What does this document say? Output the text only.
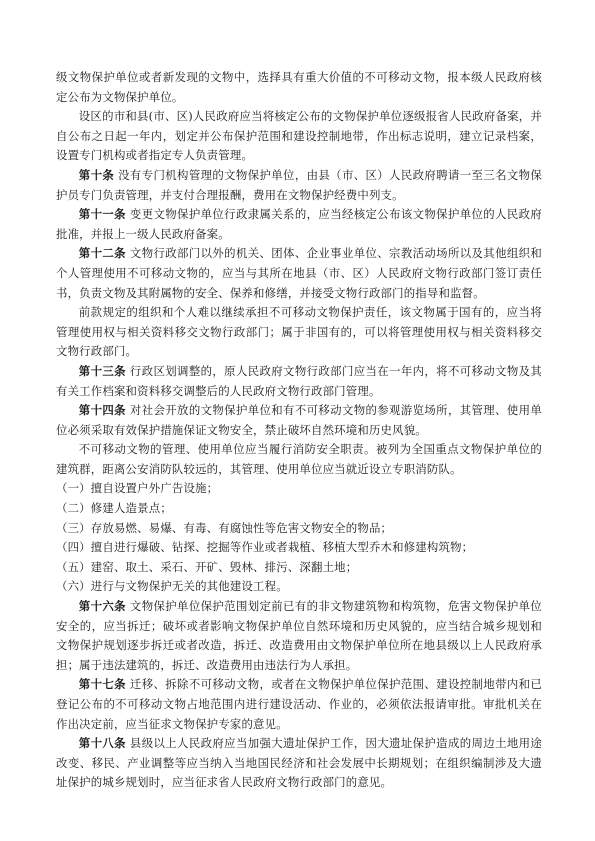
级文物保护单位或者新发现的文物中，选择具有重大价值的不可移动文物，报本级人民政府核定公布为文物保护单位。

设区的市和县(市、区)人民政府应当将核定公布的文物保护单位逐级报省人民政府备案，并自公布之日起一年内，划定并公布保护范围和建设控制地带，作出标志说明，建立记录档案，设置专门机构或者指定专人负责管理。

第十条 没有专门机构管理的文物保护单位，由县（市、区）人民政府聘请一至三名文物保护员专门负责管理，并支付合理报酬，费用在文物保护经费中列支。

第十一条 变更文物保护单位行政隶属关系的，应当经核定公布该文物保护单位的人民政府批准，并报上一级人民政府备案。

第十二条 文物行政部门以外的机关、团体、企业事业单位、宗教活动场所以及其他组织和个人管理使用不可移动文物的，应当与其所在地县（市、区）人民政府文物行政部门签订责任书，负责文物及其附属物的安全、保养和修缮，并接受文物行政部门的指导和监督。

前款规定的组织和个人难以继续承担不可移动文物保护责任，该文物属于国有的，应当将管理使用权与相关资料移交文物行政部门；属于非国有的，可以将管理使用权与相关资料移交文物行政部门。

第十三条 行政区划调整的，原人民政府文物行政部门应当在一年内，将不可移动文物及其有关工作档案和资料移交调整后的人民政府文物行政部门管理。

第十四条 对社会开放的文物保护单位和有不可移动文物的参观游览场所，其管理、使用单位必须采取有效保护措施保证文物安全，禁止破坏自然环境和历史风貌。

不可移动文物的管理、使用单位应当履行消防安全职责。被列为全国重点文物保护单位的建筑群，距离公安消防队较远的，其管理、使用单位应当就近设立专职消防队。

（一）擅自设置户外广告设施；

（二）修建人造景点；

（三）存放易燃、易爆、有毒、有腐蚀性等危害文物安全的物品；

（四）擅自进行爆破、钻探、挖掘等作业或者栽植、移植大型乔木和修建构筑物；

（五）建窑、取土、采石、开矿、毁林、排污、深翻土地；

（六）进行与文物保护无关的其他建设工程。

第十六条 文物保护单位保护范围划定前已有的非文物建筑物和构筑物，危害文物保护单位安全的，应当拆迁；破坏或者影响文物保护单位自然环境和历史风貌的，应当结合城乡规划和文物保护规划逐步拆迁或者改造，拆迁、改造费用由文物保护单位所在地县级以上人民政府承担；属于违法建筑的，拆迁、改造费用由违法行为人承担。

第十七条 迁移、拆除不可移动文物，或者在文物保护单位保护范围、建设控制地带内和已登记公布的不可移动文物占地范围内进行建设活动、作业的，必须依法报请审批。审批机关在作出决定前，应当征求文物保护专家的意见。

第十八条 县级以上人民政府应当加强大遗址保护工作，因大遗址保护造成的周边土地用途改变、移民、产业调整等应当纳入当地国民经济和社会发展中长期规划；在组织编制涉及大遗址保护的城乡规划时，应当征求省人民政府文物行政部门的意见。
